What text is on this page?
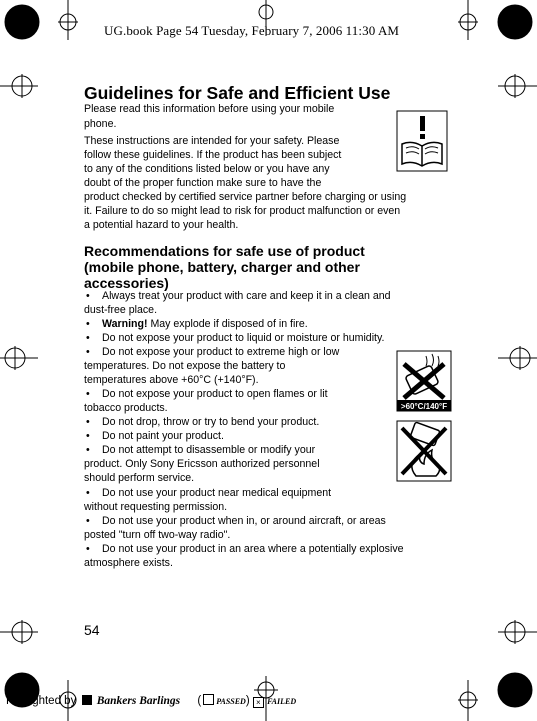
UG.book Page 54 Tuesday, February 7, 2006 11:30 AM
Guidelines for Safe and Efficient Use
Please read this information before using your mobile
phone.
These instructions are intended for your safety. Please
follow these guidelines. If the product has been subject
to any of the conditions listed below or you have any
doubt of the proper function make sure to have the
product checked by certified service partner before charging or using
it. Failure to do so might lead to risk for product malfunction or even
a potential hazard to your health.
Recommendations for safe use of product
(mobile phone, battery, charger and other
accessories)
• Always treat your product with care and keep it in a clean and
dust-free place.
• Warning! May explode if disposed of in fire.
• Do not expose your product to liquid or moisture or humidity.
• Do not expose your product to extreme high or low
temperatures. Do not expose the battery to
temperatures above +60°C (+140°F).
• Do not expose your product to open flames or lit
tobacco products.
• Do not drop, throw or try to bend your product.
• Do not paint your product.
• Do not attempt to disassemble or modify your
product. Only Sony Ericsson authorized personnel
should perform service.
• Do not use your product near medical equipment
without requesting permission.
• Do not use your product when in, or around aircraft, or areas
posted "turn off two-way radio".
• Do not use your product in an area where a potentially explosive
atmosphere exists.
>60°C/140°F
54
Preflighted by Bankers Barlings ( PASSED) × FAILED
